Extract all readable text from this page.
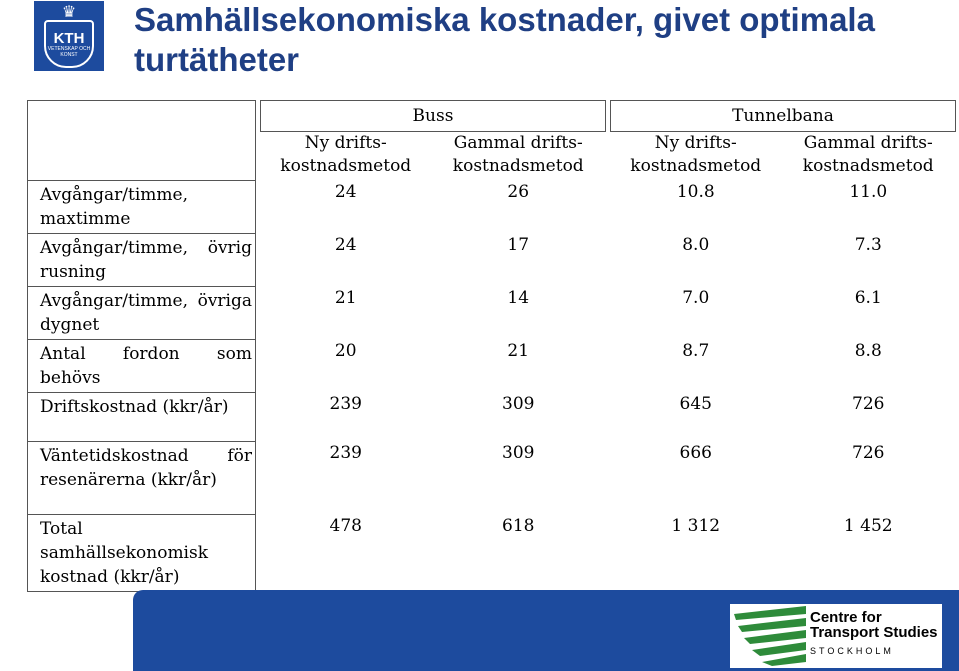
♛
KTH
VETENSKAP OCH KONST
Samhällsekonomiska kostnader, givet optimala turtätheter
		Buss			Tunnelbana	
		Ny drifts-kostnadsmetod	Gammal drifts-kostnadsmetod		Ny drifts-kostnadsmetod	Gammal drifts-kostnadsmetod
Avgångar/timme, maxtimme		24	26		10.8	11.0
Avgångar/timme, övrig rusning		24	17		8.0	7.3
Avgångar/timme, övriga dygnet		21	14		7.0	6.1
Antal fordon som behövs		20	21		8.7	8.8
Driftskostnad (kkr/år)		239	309		645	726
Väntetidskostnad för resenärerna (kkr/år)		239	309		666	726
Total samhällsekonomisk kostnad (kkr/år)		478	618		1 312	1 452
Centre for
Transport Studies
STOCKHOLM
